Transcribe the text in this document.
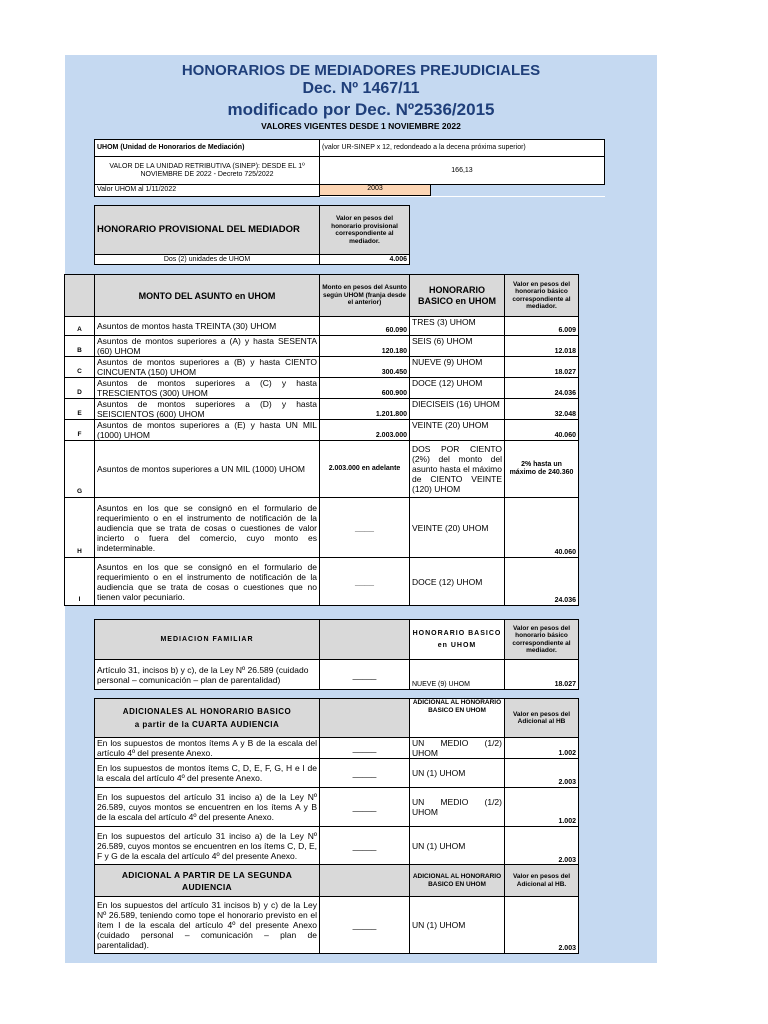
HONORARIOS DE MEDIADORES PREJUDICIALES
Dec. Nº 1467/11
modificado por Dec. Nº2536/2015
VALORES VIGENTES DESDE 1 NOVIEMBRE 2022
UHOM (Unidad de Honorarios de Mediación)	(valor UR-SINEP x 12, redondeado a la decena próxima superior)
VALOR DE LA UNIDAD RETRIBUTIVA (SINEP): DESDE EL 1º NOVIEMBRE DE 2022 - Decreto 725/2022	166,13
Valor UHOM al 1/11/2022	2003
HONORARIO PROVISIONAL DEL MEDIADOR	Valor en pesos del honorario provisional correspondiente al mediador.
Dos (2) unidades de UHOM	4.006
	MONTO DEL ASUNTO en UHOM	Monto en pesos del Asunto según UHOM (franja desde el anterior)	HONORARIO BASICO en UHOM	Valor en pesos del honorario básico correspondiente al mediador.
A	Asuntos de montos hasta TREINTA (30) UHOM	60.090	TRES (3) UHOM	6.009
B	Asuntos de montos superiores a (A) y hasta SESENTA (60) UHOM	120.180	SEIS (6) UHOM	12.018
C	Asuntos de montos superiores a (B) y hasta CIENTO CINCUENTA (150) UHOM	300.450	NUEVE (9) UHOM	18.027
D	Asuntos de montos superiores a (C) y hasta TRESCIENTOS (300) UHOM	600.900	DOCE (12) UHOM	24.036
E	Asuntos de montos superiores a (D) y hasta SEISCIENTOS (600) UHOM	1.201.800	DIECISEIS (16) UHOM	32.048
F	Asuntos de montos superiores a (E) y hasta UN MIL (1000) UHOM	2.003.000	VEINTE (20) UHOM	40.060
G	Asuntos de montos superiores a UN MIL (1000) UHOM	2.003.000 en adelante	DOS POR CIENTO (2%) del monto del asunto hasta el máximo de CIENTO VEINTE (120) UHOM	2% hasta un máximo de 240.360
H	Asuntos en los que se consignó en el formulario de requerimiento o en el instrumento de notificación de la audiencia que se trata de cosas o cuestiones de valor incierto o fuera del comercio, cuyo monto es indeterminable.	____	VEINTE (20) UHOM	40.060
I	Asuntos en los que se consignó en el formulario de requerimiento o en el instrumento de notificación de la audiencia que se trata de cosas o cuestiones que no tienen valor pecuniario.	____	DOCE (12) UHOM	24.036
MEDIACION FAMILIAR		HONORARIO BASICO en UHOM	Valor en pesos del honorario básico correspondiente al mediador.
Artículo 31, incisos b) y c), de la Ley Nº 26.589 (cuidado personal – comunicación – plan de parentalidad)	_____	NUEVE (9) UHOM	18.027
ADICIONALES AL HONORARIO BASICO
a partir de la CUARTA AUDIENCIA		ADICIONAL AL HONORARIO BASICO EN UHOM	Valor en pesos del Adicional al HB
En los supuestos de montos ítems A y B de la escala del artículo 4º del presente Anexo.	_____	UN MEDIO (1/2) UHOM	1.002
En los supuestos de montos ítems C, D, E, F, G, H e I de la escala del artículo 4º del presente Anexo.	_____	UN (1) UHOM	2.003
En los supuestos del artículo 31 inciso a) de la Ley Nº 26.589, cuyos montos se encuentren en los ítems A y B de la escala del artículo 4º del presente Anexo.	_____	UN MEDIO (1/2) UHOM	1.002
En los supuestos del artículo 31 inciso a) de la Ley Nº 26.589, cuyos montos se encuentren en los ítems C, D, E, F y G de la escala del artículo 4º del presente Anexo.	_____	UN (1) UHOM	2.003
ADICIONAL A PARTIR DE LA SEGUNDA AUDIENCIA		ADICIONAL AL HONORARIO BASICO EN UHOM	Valor en pesos del Adicional al HB.
En los supuestos del artículo 31 incisos b) y c) de la Ley Nº 26.589, teniendo como tope el honorario previsto en el ítem I de la escala del artículo 4º del presente Anexo (cuidado personal – comunicación – plan de parentalidad).	_____	UN (1) UHOM	2.003
